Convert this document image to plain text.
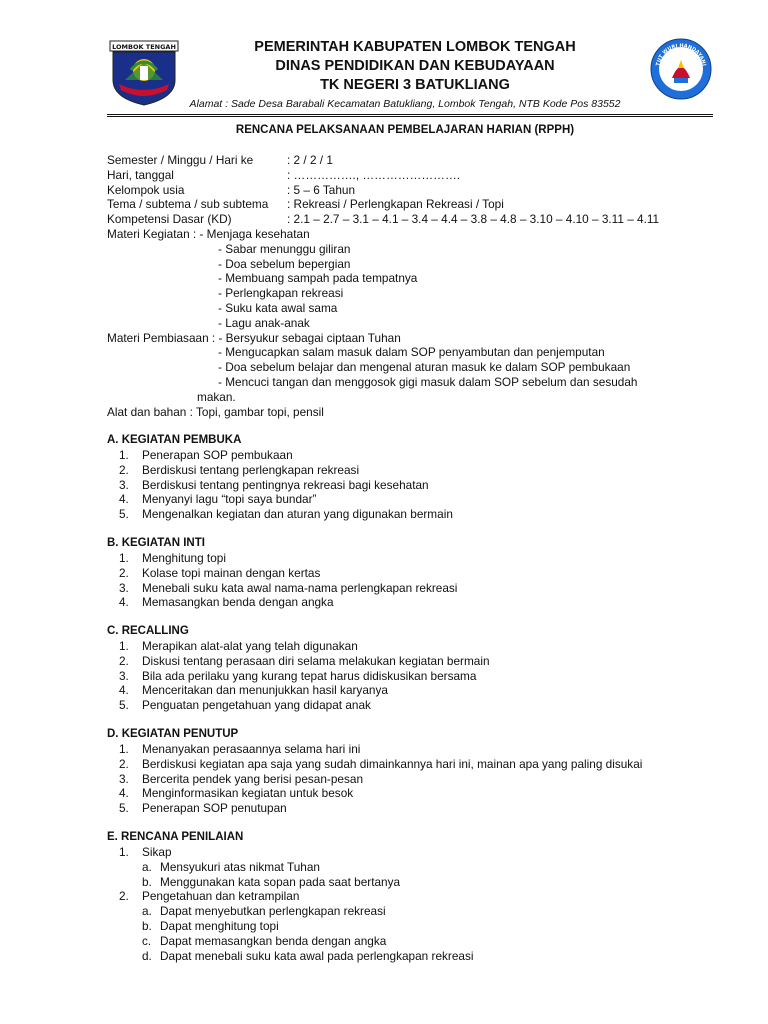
LOMBOK TENGAH	PEMERINTAH KABUPATEN LOMBOK TENGAH
DINAS PENDIDIKAN DAN KEBUDAYAAN
TK NEGERI 3 BATUKLIANG
TUT WURI HANDAYANI
Alamat : Sade Desa Barabali Kecamatan Batukliang, Lombok Tengah, NTB Kode Pos 83552
RENCANA PELAKSANAAN PEMBELAJARAN HARIAN (RPPH)
Semester / Minggu / Hari ke	: 2 / 2 / 1
Hari, tanggal	: ……………., …………………….
Kelompok usia	: 5 – 6 Tahun
Tema / subtema / sub subtema : Rekreasi / Perlengkapan Rekreasi / Topi
Kompetensi Dasar (KD)	: 2.1 – 2.7 – 3.1 – 4.1 – 3.4 – 4.4 – 3.8 – 4.8 – 3.10 – 4.10 – 3.11 – 4.11
Materi Kegiatan : - Menjaga kesehatan
- Sabar menunggu giliran
- Doa sebelum bepergian
- Membuang sampah pada tempatnya
- Perlengkapan rekreasi
- Suku kata awal sama
- Lagu anak-anak
Materi Pembiasaan : - Bersyukur sebagai ciptaan Tuhan
- Mengucapkan salam masuk dalam SOP penyambutan dan penjemputan
- Doa sebelum belajar dan mengenal aturan masuk ke dalam SOP pembukaan
- Mencuci tangan dan menggosok gigi masuk dalam SOP sebelum dan sesudah
makan.
Alat dan bahan : Topi, gambar topi, pensil
A. KEGIATAN PEMBUKA
1. Penerapan SOP pembukaan
2. Berdiskusi tentang perlengkapan rekreasi
3. Berdiskusi tentang pentingnya rekreasi bagi kesehatan
4. Menyanyi lagu “topi saya bundar”
5. Mengenalkan kegiatan dan aturan yang digunakan bermain
B. KEGIATAN INTI
1. Menghitung topi
2. Kolase topi mainan dengan kertas
3. Menebali suku kata awal nama-nama perlengkapan rekreasi
4. Memasangkan benda dengan angka
C. RECALLING
1. Merapikan alat-alat yang telah digunakan
2. Diskusi tentang perasaan diri selama melakukan kegiatan bermain
3. Bila ada perilaku yang kurang tepat harus didiskusikan bersama
4. Menceritakan dan menunjukkan hasil karyanya
5. Penguatan pengetahuan yang didapat anak
D. KEGIATAN PENUTUP
1. Menanyakan perasaannya selama hari ini
2. Berdiskusi kegiatan apa saja yang sudah dimainkannya hari ini, mainan apa yang paling disukai
3. Bercerita pendek yang berisi pesan-pesan
4. Menginformasikan kegiatan untuk besok
5. Penerapan SOP penutupan
E. RENCANA PENILAIAN
1. Sikap
a. Mensyukuri atas nikmat Tuhan
b. Menggunakan kata sopan pada saat bertanya
2. Pengetahuan dan ketrampilan
a. Dapat menyebutkan perlengkapan rekreasi
b. Dapat menghitung topi
c. Dapat memasangkan benda dengan angka
d. Dapat menebali suku kata awal pada perlengkapan rekreasi
